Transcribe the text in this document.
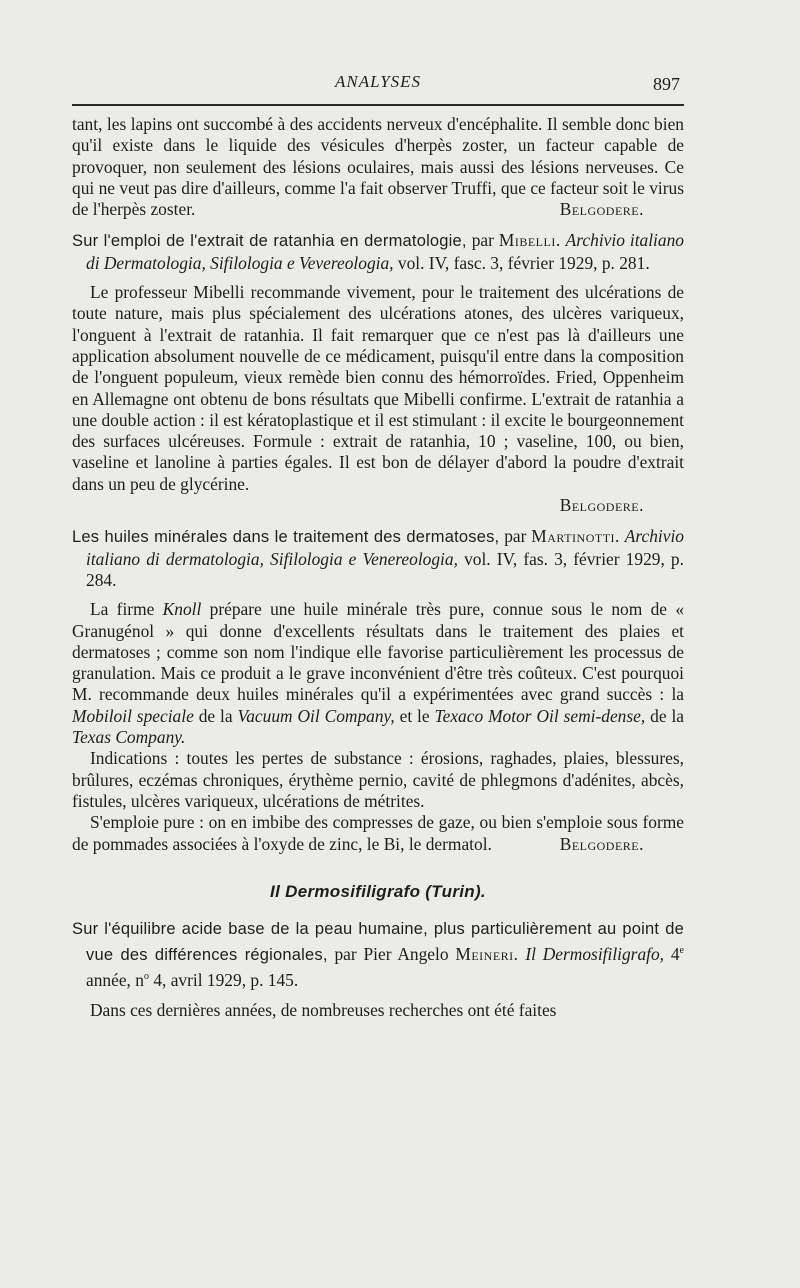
ANALYSES	897

tant, les lapins ont succombé à des accidents nerveux d'encéphalite. Il semble donc bien qu'il existe dans le liquide des vésicules d'herpès zoster, un facteur capable de provoquer, non seulement des lésions oculaires, mais aussi des lésions nerveuses. Ce qui ne veut pas dire d'ailleurs, comme l'a fait observer Truffi, que ce facteur soit le virus de l'herpès zoster.	Belgodere.

Sur l'emploi de l'extrait de ratanhia en dermatologie, par Mibelli. Archivio italiano di Dermatologia, Sifilologia e Vevereologia, vol. IV, fasc. 3, février 1929, p. 281.

Le professeur Mibelli recommande vivement, pour le traitement des ulcérations de toute nature, mais plus spécialement des ulcérations atones, des ulcères variqueux, l'onguent à l'extrait de ratanhia. Il fait remarquer que ce n'est pas là d'ailleurs une application absolument nouvelle de ce médicament, puisqu'il entre dans la composition de l'onguent populeum, vieux remède bien connu des hémorroïdes. Fried, Oppenheim en Allemagne ont obtenu de bons résultats que Mibelli confirme. L'extrait de ratanhia a une double action : il est kératoplastique et il est stimulant : il excite le bourgeonnement des surfaces ulcéreuses. Formule : extrait de ratanhia, 10 ; vaseline, 100, ou bien, vaseline et lanoline à parties égales. Il est bon de délayer d'abord la poudre d'extrait dans un peu de glycérine.

Belgodere.

Les huiles minérales dans le traitement des dermatoses, par Martinotti. Archivio italiano di dermatologia, Sifilologia e Venereologia, vol. IV, fas. 3, février 1929, p. 284.

La firme Knoll prépare une huile minérale très pure, connue sous le nom de « Granugénol » qui donne d'excellents résultats dans le traitement des plaies et dermatoses ; comme son nom l'indique elle favorise particulièrement les processus de granulation. Mais ce produit a le grave inconvénient d'être très coûteux. C'est pourquoi M. recommande deux huiles minérales qu'il a expérimentées avec grand succès : la Mobiloil speciale de la Vacuum Oil Company, et le Texaco Motor Oil semi-dense, de la Texas Company.

Indications : toutes les pertes de substance : érosions, raghades, plaies, blessures, brûlures, eczémas chroniques, érythème pernio, cavité de phlegmons d'adénites, abcès, fistules, ulcères variqueux, ulcérations de métrites.

S'emploie pure : on en imbibe des compresses de gaze, ou bien s'emploie sous forme de pommades associées à l'oxyde de zinc, le Bi, le dermatol.	Belgodere.

Il Dermosifiligrafo (Turin).

Sur l'équilibre acide base de la peau humaine, plus particulièrement au point de vue des différences régionales, par Pier Angelo Meineri. Il Dermosifiligrafo, 4e année, $n^o$ 4, avril 1929, p. 145.

Dans ces dernières années, de nombreuses recherches ont été faites
